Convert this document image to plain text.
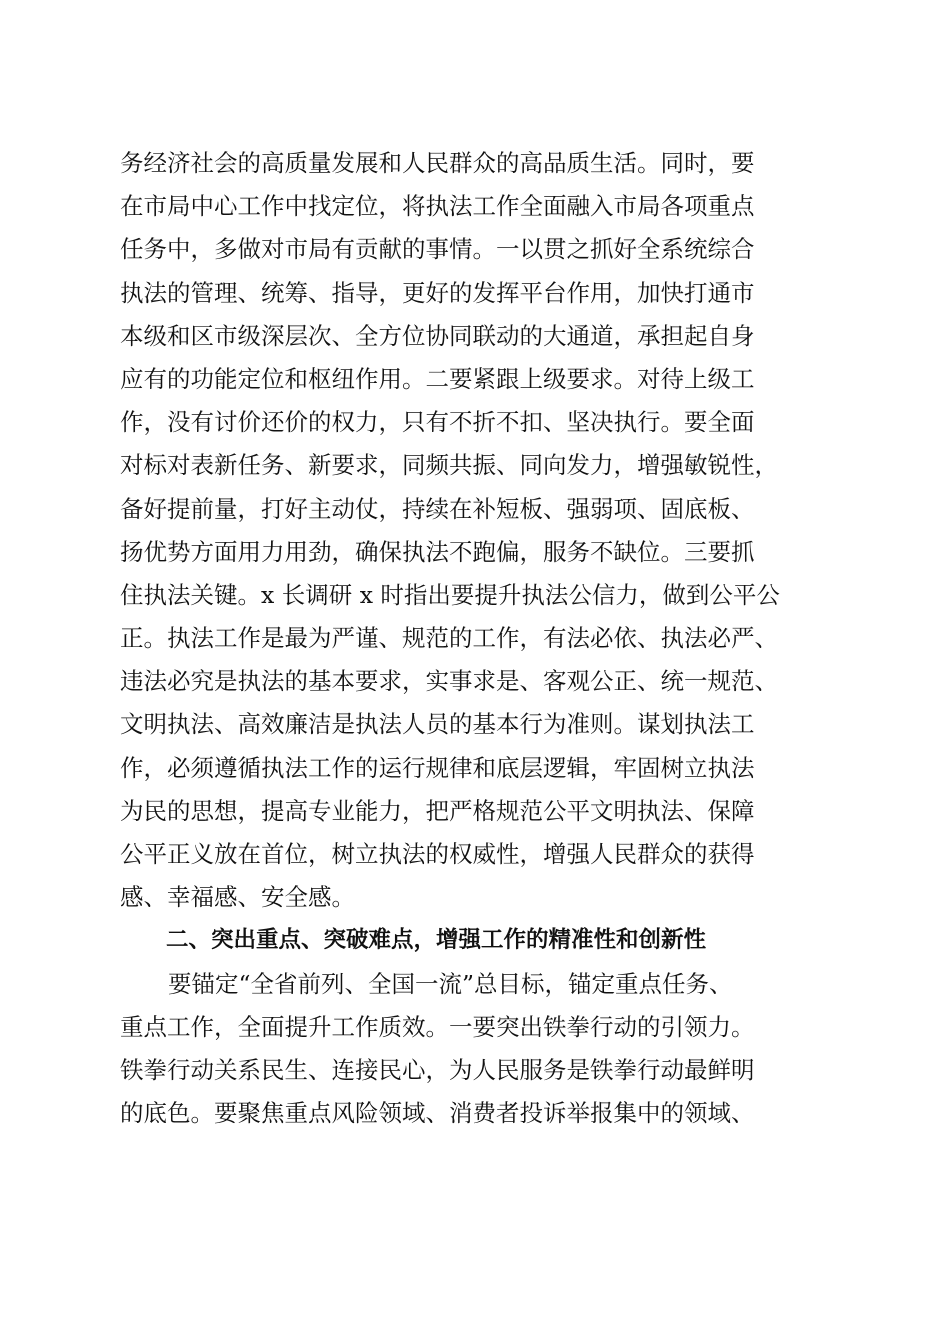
务经济社会的高质量发展和人民群众的高品质生活。同时，要
在市局中心工作中找定位，将执法工作全面融入市局各项重点
任务中，多做对市局有贡献的事情。一以贯之抓好全系统综合
执法的管理、统筹、指导，更好的发挥平台作用，加快打通市
本级和区市级深层次、全方位协同联动的大通道，承担起自身
应有的功能定位和枢纽作用。二要紧跟上级要求。对待上级工
作，没有讨价还价的权力，只有不折不扣、坚决执行。要全面
对标对表新任务、新要求，同频共振、同向发力，增强敏锐性，
备好提前量，打好主动仗，持续在补短板、强弱项、固底板、
扬优势方面用力用劲，确保执法不跑偏，服务不缺位。三要抓
住执法关键。x 长调研 x 时指出要提升执法公信力，做到公平公
正。执法工作是最为严谨、规范的工作，有法必依、执法必严、
违法必究是执法的基本要求，实事求是、客观公正、统一规范、
文明执法、高效廉洁是执法人员的基本行为准则。谋划执法工
作，必须遵循执法工作的运行规律和底层逻辑，牢固树立执法
为民的思想，提高专业能力，把严格规范公平文明执法、保障
公平正义放在首位，树立执法的权威性，增强人民群众的获得
感、幸福感、安全感。
二、突出重点、突破难点，增强工作的精准性和创新性
要锚定“全省前列、全国一流”总目标，锚定重点任务、
重点工作，全面提升工作质效。一要突出铁拳行动的引领力。
铁拳行动关系民生、连接民心，为人民服务是铁拳行动最鲜明
的底色。要聚焦重点风险领域、消费者投诉举报集中的领域、
